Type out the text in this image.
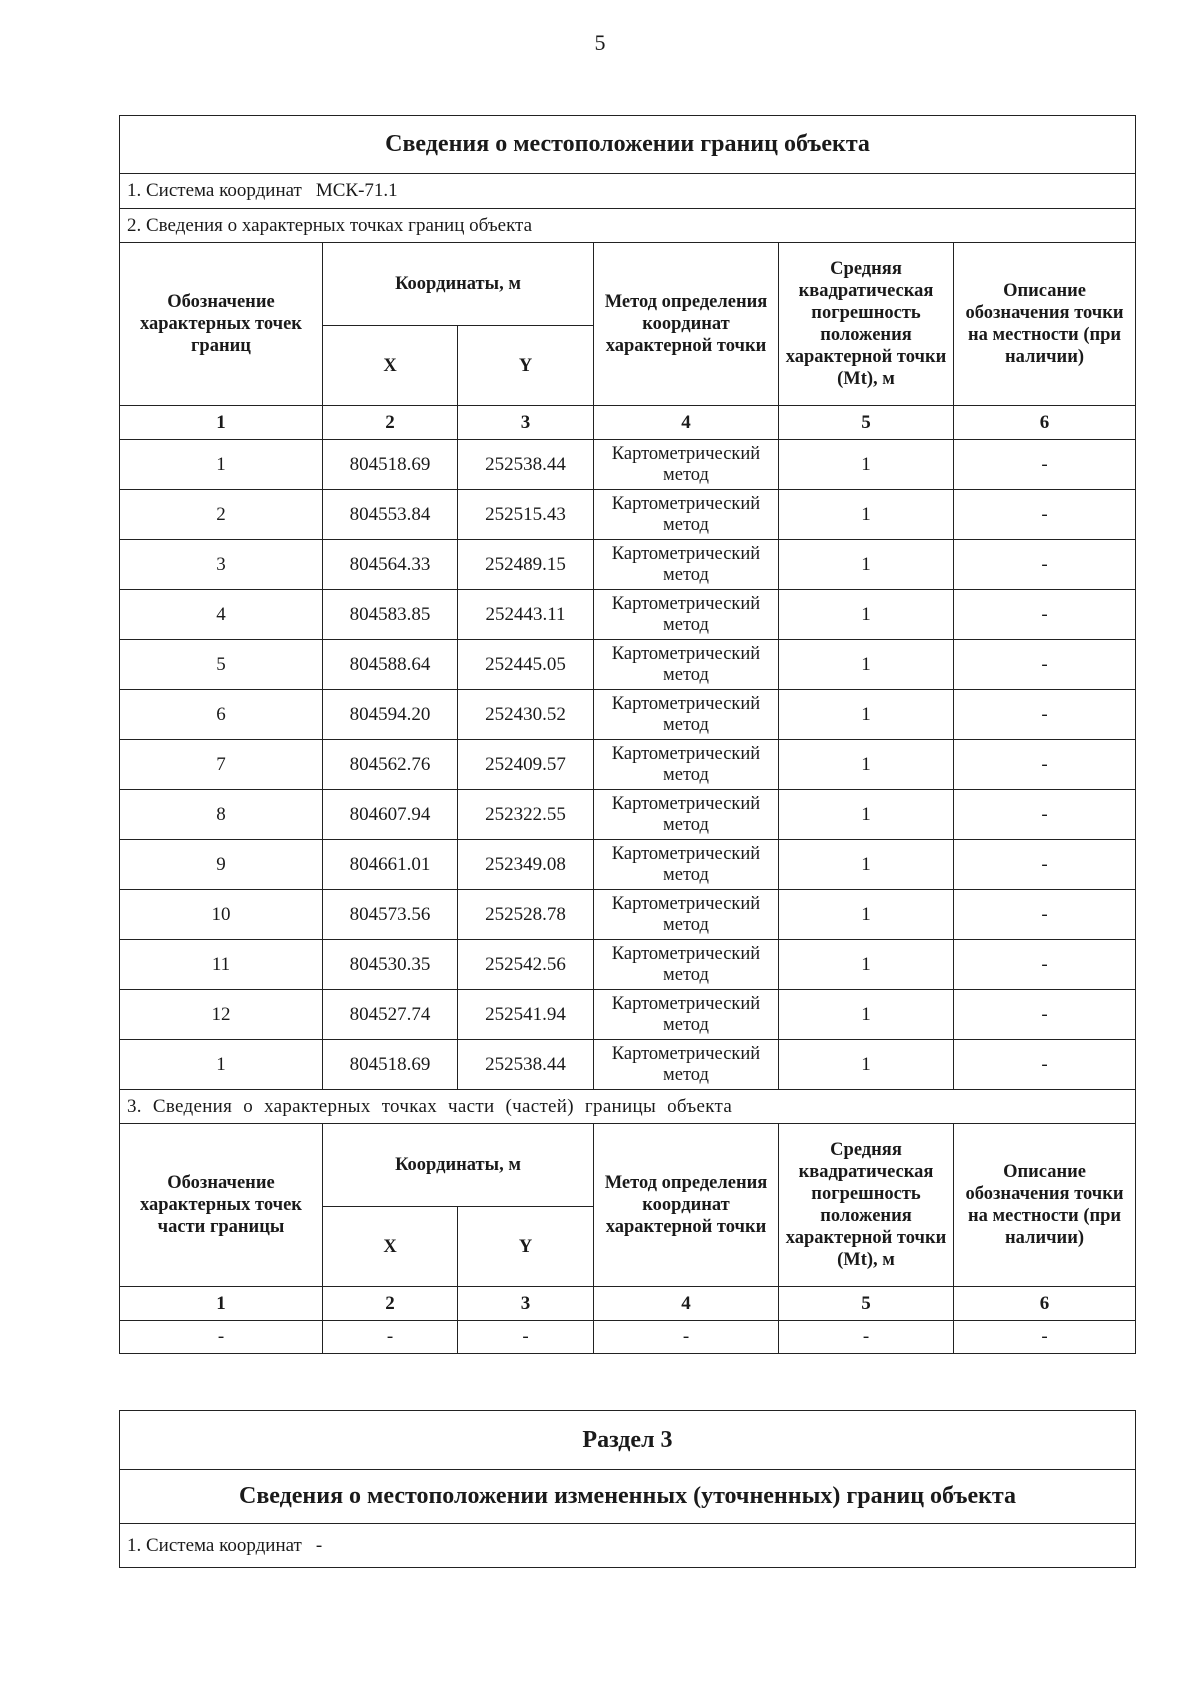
5
Сведения о местоположении границ объекта					
1. Система координат МСК-71.1					
2. Сведения о характерных точках границ объекта					
Обозначение характерных точек границ	Координаты, м		Метод определения координат характерной точки	Средняя квадратическая погрешность положения характерной точки (Mt), м	Описание обозначения точки на местности (при наличии)
	X	Y			
1	2	3	4	5	6
1	804518.69	252538.44	Картометрический метод	1	-
2	804553.84	252515.43	Картометрический метод	1	-
3	804564.33	252489.15	Картометрический метод	1	-
4	804583.85	252443.11	Картометрический метод	1	-
5	804588.64	252445.05	Картометрический метод	1	-
6	804594.20	252430.52	Картометрический метод	1	-
7	804562.76	252409.57	Картометрический метод	1	-
8	804607.94	252322.55	Картометрический метод	1	-
9	804661.01	252349.08	Картометрический метод	1	-
10	804573.56	252528.78	Картометрический метод	1	-
11	804530.35	252542.56	Картометрический метод	1	-
12	804527.74	252541.94	Картометрический метод	1	-
1	804518.69	252538.44	Картометрический метод	1	-
3. Сведения о характерных точках части (частей) границы объекта					
Обозначение характерных точек части границы	Координаты, м		Метод определения координат характерной точки	Средняя квадратическая погрешность положения характерной точки (Mt), м	Описание обозначения точки на местности (при наличии)
	X	Y			
1	2	3	4	5	6
-	-	-	-	-	-
Раздел 3
Сведения о местоположении измененных (уточненных) границ объекта
1. Система координат -
